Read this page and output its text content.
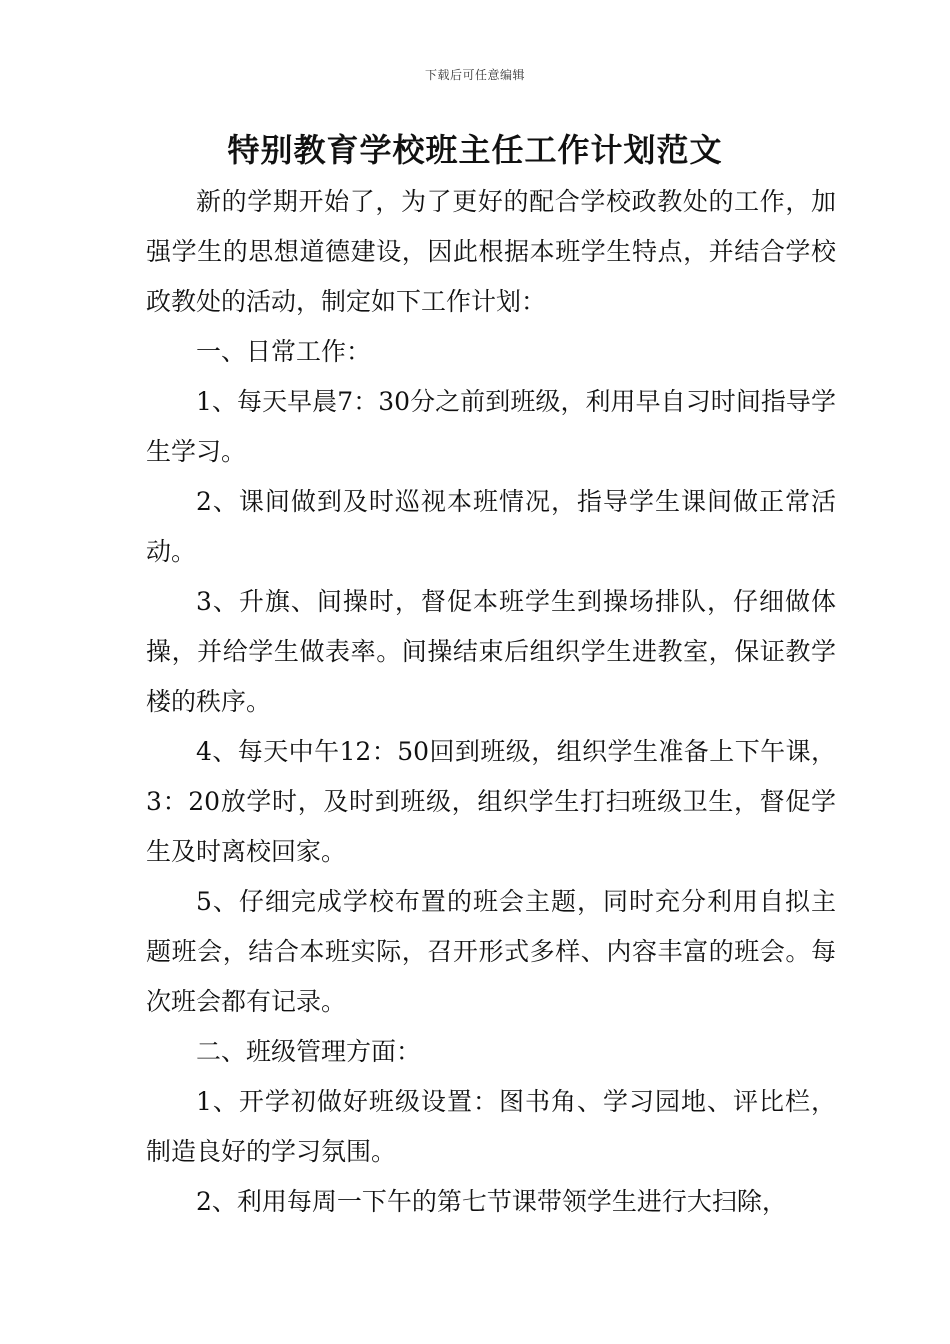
下载后可任意编辑
特别教育学校班主任工作计划范文

新的学期开始了，为了更好的配合学校政教处的工作，加强学生的思想道德建设，因此根据本班学生特点，并结合学校政教处的活动，制定如下工作计划：

一、日常工作：

1、每天早晨7：30分之前到班级，利用早自习时间指导学生学习。

2、课间做到及时巡视本班情况，指导学生课间做正常活动。

3、升旗、间操时，督促本班学生到操场排队，仔细做体操，并给学生做表率。间操结束后组织学生进教室，保证教学楼的秩序。

4、每天中午12：50回到班级，组织学生准备上下午课，3：20放学时，及时到班级，组织学生打扫班级卫生，督促学生及时离校回家。

5、仔细完成学校布置的班会主题，同时充分利用自拟主题班会，结合本班实际，召开形式多样、内容丰富的班会。每次班会都有记录。

二、班级管理方面：

1、开学初做好班级设置：图书角、学习园地、评比栏，制造良好的学习氛围。

2、利用每周一下午的第七节课带领学生进行大扫除，
